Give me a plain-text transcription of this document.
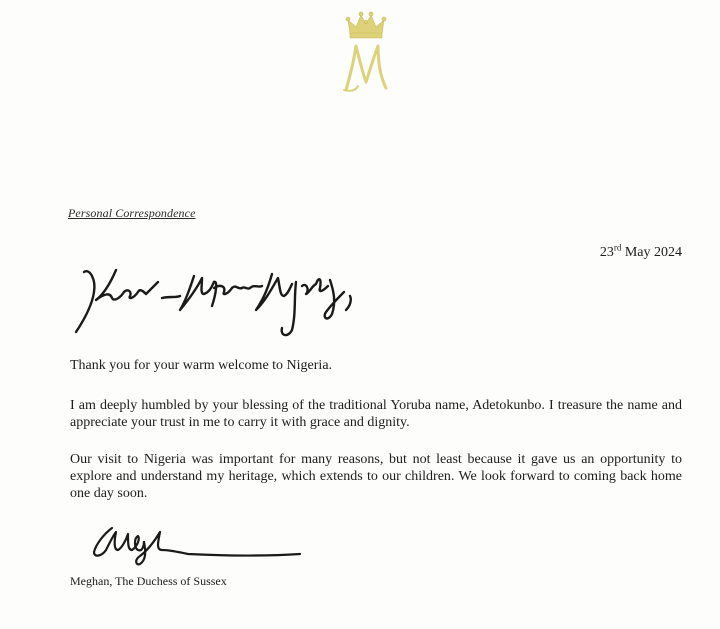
Personal Correspondence
23rd May 2024

Thank you for your warm welcome to Nigeria.

I am deeply humbled by your blessing of the traditional Yoruba name, Adetokunbo. I treasure the name and appreciate your trust in me to carry it with grace and dignity.

Our visit to Nigeria was important for many reasons, but not least because it gave us an opportunity to explore and understand my heritage, which extends to our children. We look forward to coming back home one day soon.

Meghan, The Duchess of Sussex
